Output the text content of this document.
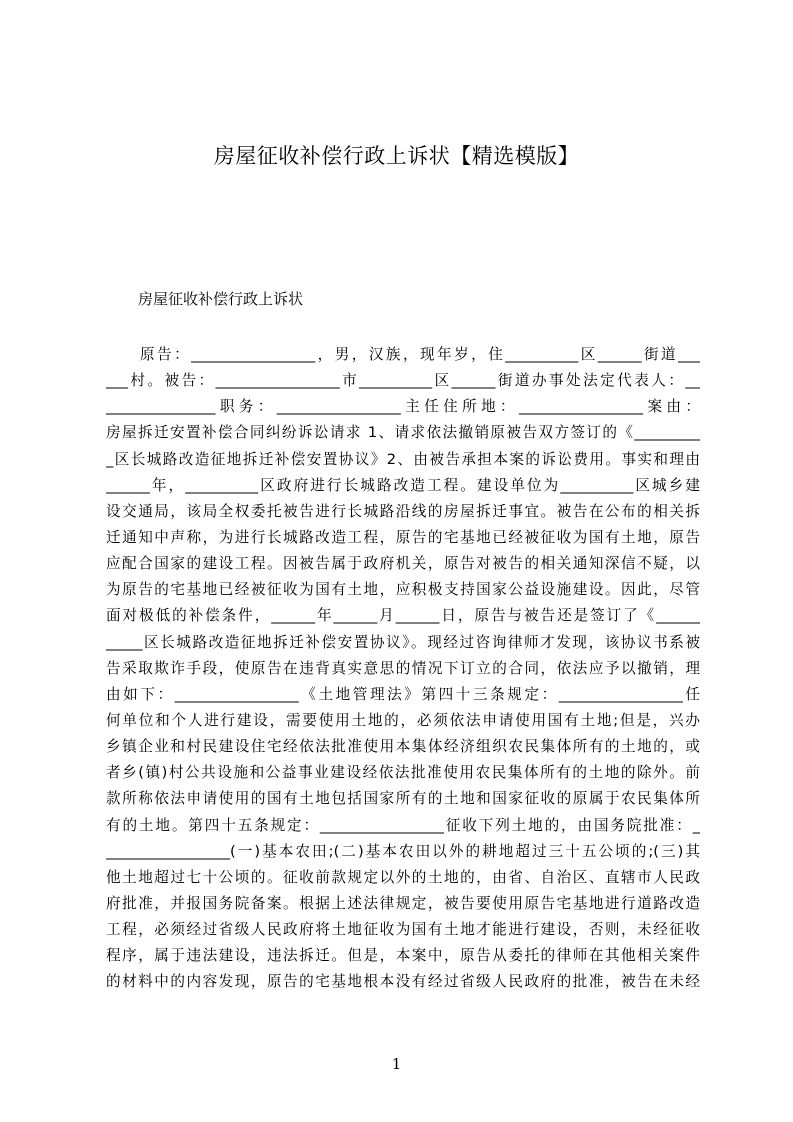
房屋征收补偿行政上诉状【精选模版】
房屋征收补偿行政上诉状
原告：_________________，男，汉族，现年岁，住__________区______街道___
___村。被告：_________________市__________区______街道办事处法定代表人：__
_______________职务：_________________主任住所地：_________________案由：
房屋拆迁安置补偿合同纠纷诉讼请求 1、请求依法撤销原被告双方签订的《_________
_区长城路改造征地拆迁补偿安置协议》2、由被告承担本案的诉讼费用。事实和理由
______年，__________区政府进行长城路改造工程。建设单位为__________区城乡建
设交通局，该局全权委托被告进行长城路沿线的房屋拆迁事宜。被告在公布的相关拆
迁通知中声称，为进行长城路改造工程，原告的宅基地已经被征收为国有土地，原告
应配合国家的建设工程。因被告属于政府机关，原告对被告的相关通知深信不疑，以
为原告的宅基地已经被征收为国有土地，应积极支持国家公益设施建设。因此，尽管
面对极低的补偿条件，______年______月______日，原告与被告还是签订了《______
_____区长城路改造征地拆迁补偿安置协议》。现经过咨询律师才发现，该协议书系被
告采取欺诈手段，使原告在违背真实意思的情况下订立的合同，依法应予以撤销，理
由如下：_________________《土地管理法》第四十三条规定：_________________任
何单位和个人进行建设，需要使用土地的，必须依法申请使用国有土地;但是，兴办
乡镇企业和村民建设住宅经依法批准使用本集体经济组织农民集体所有的土地的，或
者乡(镇)村公共设施和公益事业建设经依法批准使用农民集体所有的土地的除外。前
款所称依法申请使用的国有土地包括国家所有的土地和国家征收的原属于农民集体所
有的土地。第四十五条规定：_________________征收下列土地的，由国务院批准：_
_________________(一)基本农田;(二)基本农田以外的耕地超过三十五公顷的;(三)其
他土地超过七十公顷的。征收前款规定以外的土地的，由省、自治区、直辖市人民政
府批准，并报国务院备案。根据上述法律规定，被告要使用原告宅基地进行道路改造
工程，必须经过省级人民政府将土地征收为国有土地才能进行建设，否则，未经征收
程序，属于违法建设，违法拆迁。但是，本案中，原告从委托的律师在其他相关案件
的材料中的内容发现，原告的宅基地根本没有经过省级人民政府的批准，被告在未经
1
